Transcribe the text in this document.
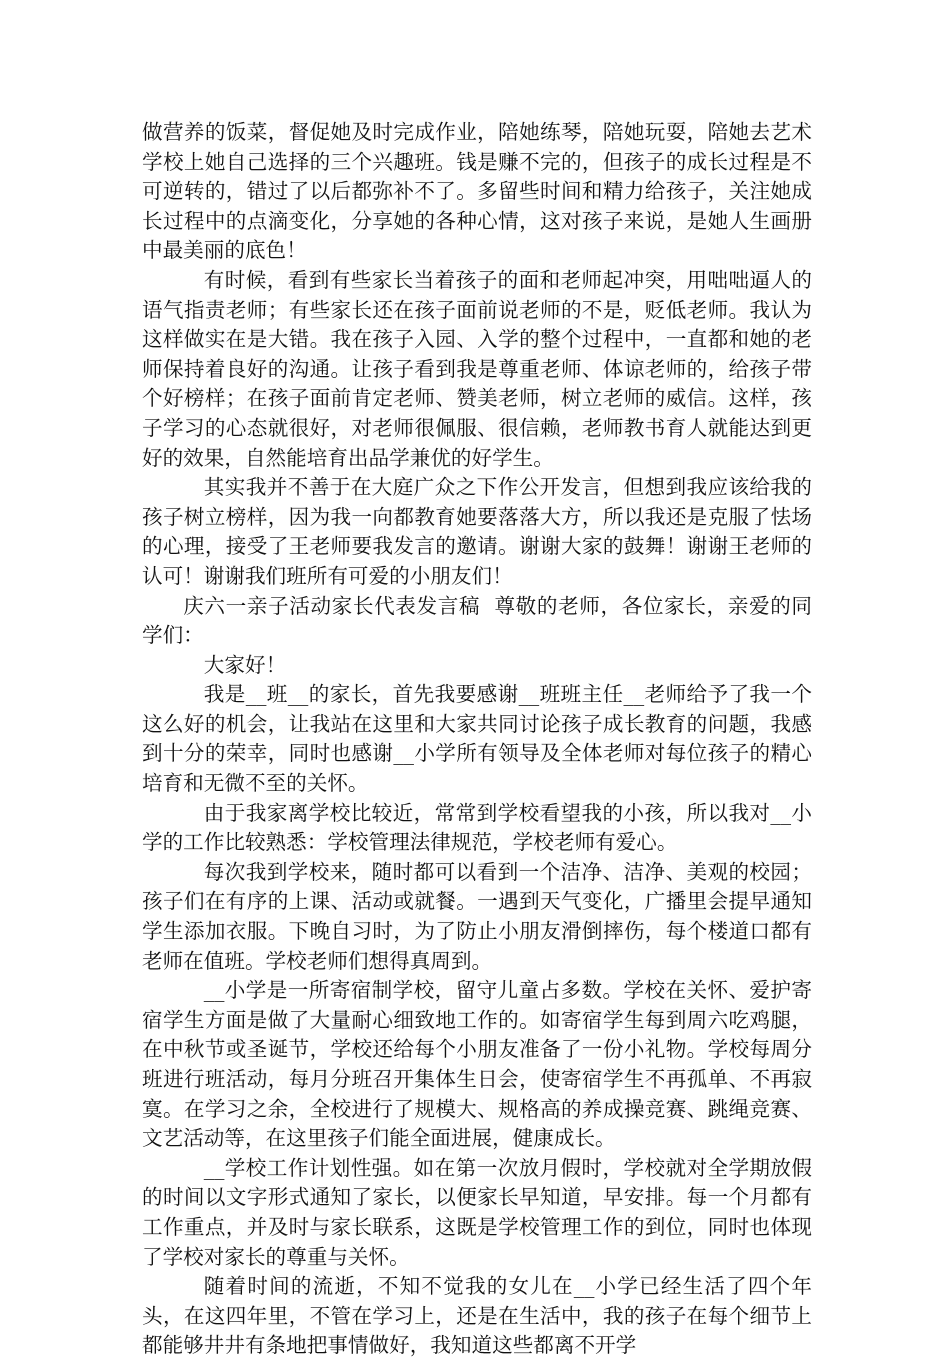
做营养的饭菜，督促她及时完成作业，陪她练琴，陪她玩耍，陪她去艺术学校上她自己选择的三个兴趣班。钱是赚不完的，但孩子的成长过程是不可逆转的，错过了以后都弥补不了。多留些时间和精力给孩子，关注她成长过程中的点滴变化，分享她的各种心情，这对孩子来说，是她人生画册中最美丽的底色！

有时候，看到有些家长当着孩子的面和老师起冲突，用咄咄逼人的语气指责老师；有些家长还在孩子面前说老师的不是，贬低老师。我认为这样做实在是大错。我在孩子入园、入学的整个过程中，一直都和她的老师保持着良好的沟通。让孩子看到我是尊重老师、体谅老师的，给孩子带个好榜样；在孩子面前肯定老师、赞美老师，树立老师的威信。这样，孩子学习的心态就很好，对老师很佩服、很信赖，老师教书育人就能达到更好的效果，自然能培育出品学兼优的好学生。

其实我并不善于在大庭广众之下作公开发言，但想到我应该给我的孩子树立榜样，因为我一向都教育她要落落大方，所以我还是克服了怯场的心理，接受了王老师要我发言的邀请。谢谢大家的鼓舞！谢谢王老师的认可！谢谢我们班所有可爱的小朋友们！

庆六一亲子活动家长代表发言稿  尊敬的老师，各位家长，亲爱的同学们：

大家好！

我是__班__的家长，首先我要感谢__班班主任__老师给予了我一个这么好的机会，让我站在这里和大家共同讨论孩子成长教育的问题，我感到十分的荣幸，同时也感谢__小学所有领导及全体老师对每位孩子的精心培育和无微不至的关怀。

由于我家离学校比较近，常常到学校看望我的小孩，所以我对__小学的工作比较熟悉：学校管理法律规范，学校老师有爱心。

每次我到学校来，随时都可以看到一个洁净、洁净、美观的校园；孩子们在有序的上课、活动或就餐。一遇到天气变化，广播里会提早通知学生添加衣服。下晚自习时，为了防止小朋友滑倒摔伤，每个楼道口都有老师在值班。学校老师们想得真周到。

__小学是一所寄宿制学校，留守儿童占多数。学校在关怀、爱护寄宿学生方面是做了大量耐心细致地工作的。如寄宿学生每到周六吃鸡腿，在中秋节或圣诞节，学校还给每个小朋友准备了一份小礼物。学校每周分班进行班活动，每月分班召开集体生日会，使寄宿学生不再孤单、不再寂寞。在学习之余，全校进行了规模大、规格高的养成操竞赛、跳绳竞赛、文艺活动等，在这里孩子们能全面进展，健康成长。

__学校工作计划性强。如在第一次放月假时，学校就对全学期放假的时间以文字形式通知了家长，以便家长早知道，早安排。每一个月都有工作重点，并及时与家长联系，这既是学校管理工作的到位，同时也体现了学校对家长的尊重与关怀。

随着时间的流逝，不知不觉我的女儿在__小学已经生活了四个年头，在这四年里，不管在学习上，还是在生活中，我的孩子在每个细节上都能够井井有条地把事情做好，我知道这些都离不开学
